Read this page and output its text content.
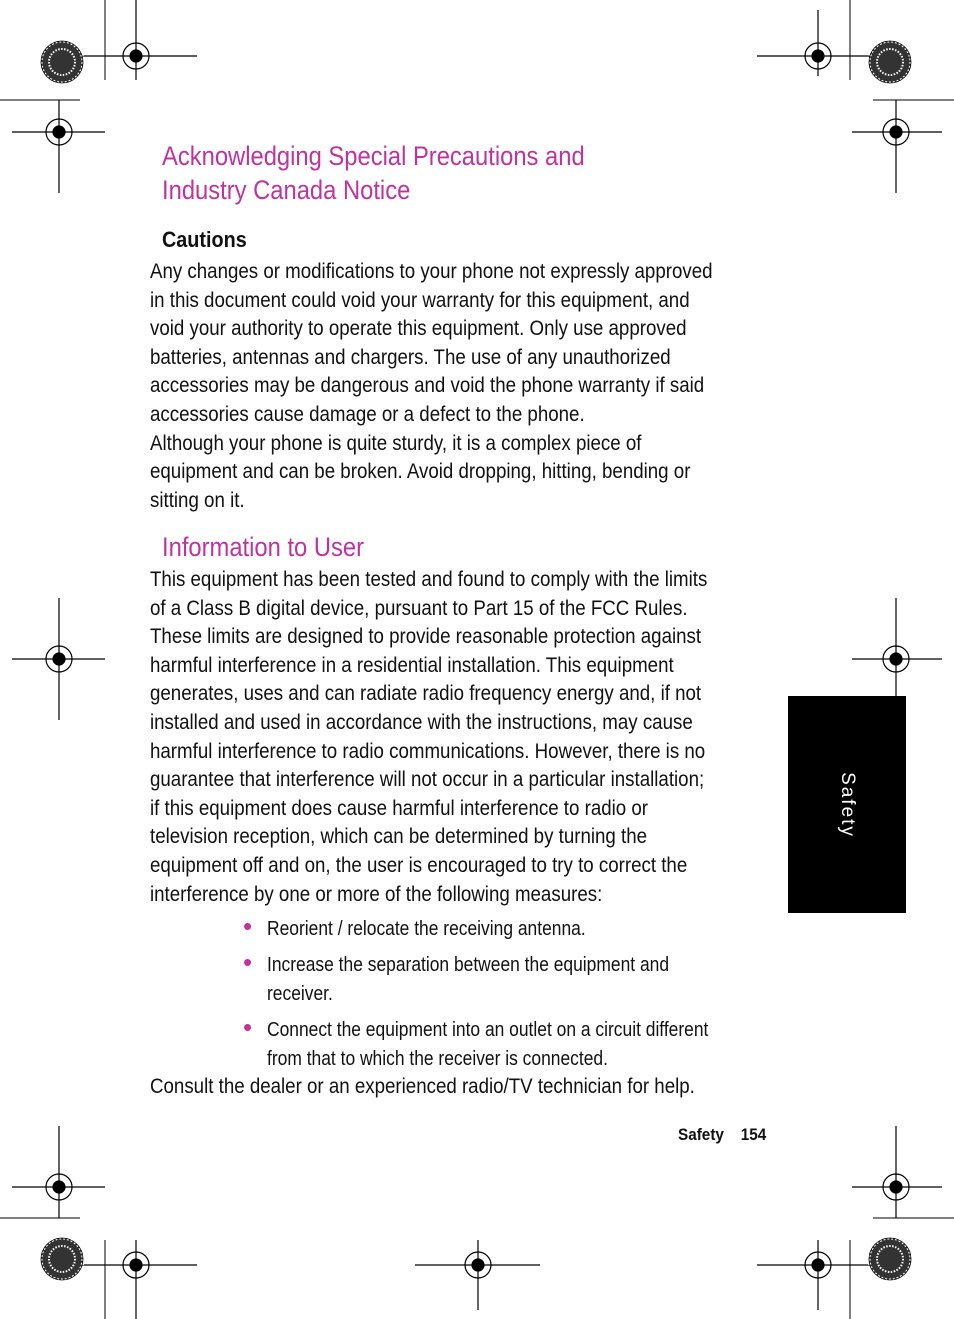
Acknowledging Special Precautions and
Industry Canada Notice
Cautions
Any changes or modifications to your phone not expressly approved
in this document could void your warranty for this equipment, and
void your authority to operate this equipment. Only use approved
batteries, antennas and chargers. The use of any unauthorized
accessories may be dangerous and void the phone warranty if said
accessories cause damage or a defect to the phone.
Although your phone is quite sturdy, it is a complex piece of
equipment and can be broken. Avoid dropping, hitting, bending or
sitting on it.
Information to User
This equipment has been tested and found to comply with the limits
of a Class B digital device, pursuant to Part 15 of the FCC Rules.
These limits are designed to provide reasonable protection against
harmful interference in a residential installation. This equipment
generates, uses and can radiate radio frequency energy and, if not
installed and used in accordance with the instructions, may cause
harmful interference to radio communications. However, there is no
guarantee that interference will not occur in a particular installation;
if this equipment does cause harmful interference to radio or
television reception, which can be determined by turning the
equipment off and on, the user is encouraged to try to correct the
interference by one or more of the following measures:
• Reorient / relocate the receiving antenna.
• Increase the separation between the equipment and
receiver.
• Connect the equipment into an outlet on a circuit different
from that to which the receiver is connected.
Consult the dealer or an experienced radio/TV technician for help.
Safety
Safety 154
